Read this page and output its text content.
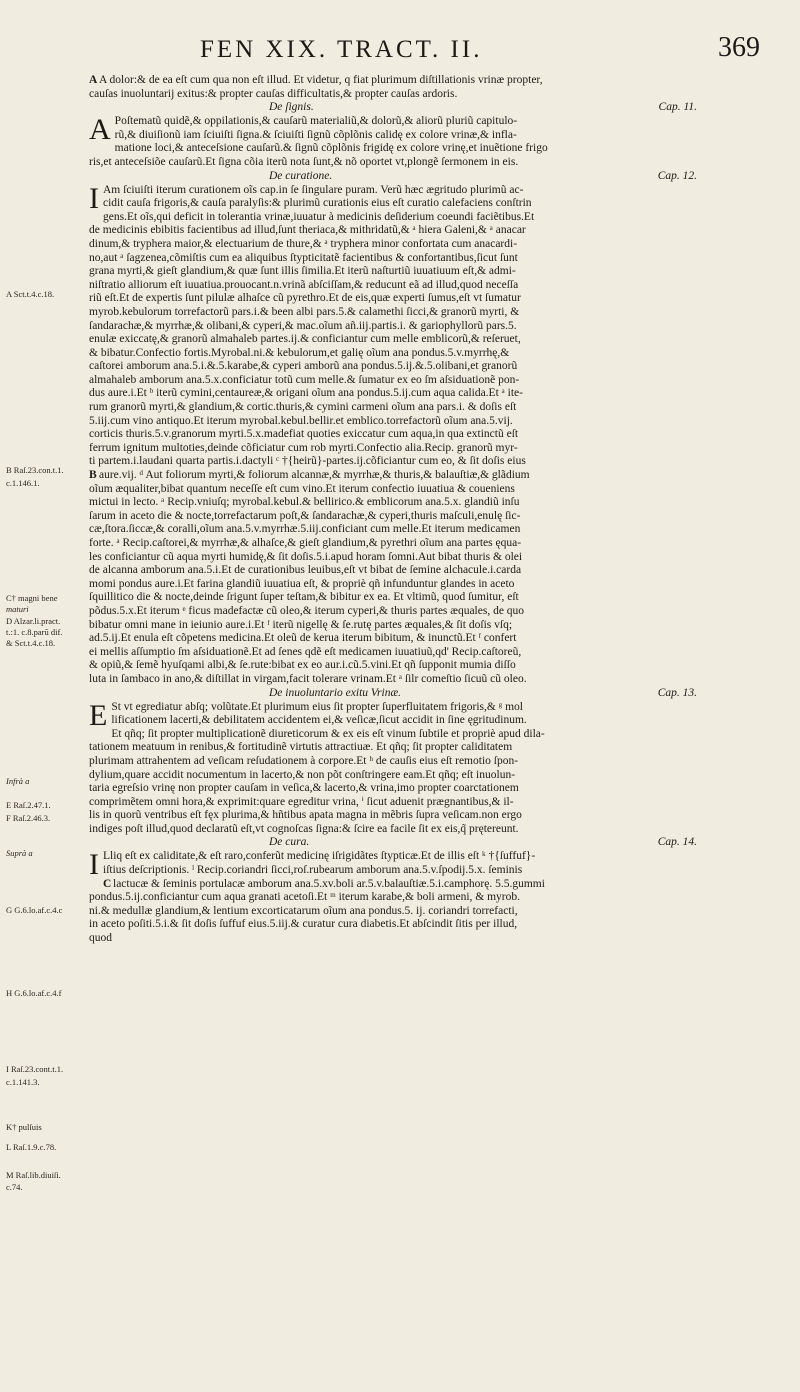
FEN XIX. TRACT. II.	369
A Sct.t.4.c.18.
B Raſ.23.con.t.1.
c.1.146.1.
C† magni bene
maturi
D Alzar.li.pract.
t.:1. c.8.parũ dif.
& Sct.t.4.c.18.
Infrà a
E Raſ.2.47.1.
F Raſ.2.46.3.
Suprà a
G G.6.lo.af.c.4.c
H G.6.lo.af.c.4.f
I Raſ.23.cont.t.1.
c.1.141.3.
K† pulſuis
L Raſ.1.9.c.78.
M Raſ.lib.diuiſi.
c.74.
A A dolor:& de ea eſt cum qua non eſt illud. Et videtur, q fiat plurimum diſtillationis vrinæ propter,
cauſas inuoluntarij exitus:& propter cauſas difficultatis,& propter cauſas ardoris.
De ſignis.	Cap. 11.
A Poſtematũ quidẽ,& oppilationis,& cauſarũ materialiũ,& dolorũ,& aliorũ pluriũ capitulo-
rũ,& diuiſionũ iam ſciuiſti ſigna.& ſciuiſti ſignũ cõplõnis calidę ex colore vrinæ,& infla-
matione loci,& anteceſsione cauſarũ.& ſignũ cõplõnis frigidę ex colore vrinę,et inuẽtione frigo
ris,et anteceſsiõe cauſarũ.Et ſigna cõia iterũ nota ſunt,& nõ oportet vt,plongẽ ſermonem in eis.
De curatione.	Cap. 12.
I Am ſciuiſti iterum curationem oĩs cap.in ſe ſingulare puram. Verũ hæc ægritudo plurimũ ac-
cidit cauſa frigoris,& cauſa paralyſis:& plurimũ curationis eius eſt curatio calefaciens conſtrin
gens.Et oĩs,qui deficit in tolerantia vrinæ,iuuatur à medicinis deſiderium coeundi faciẽtibus.Et
de medicinis ebibitis facientibus ad illud,ſunt theriaca,& mithridatũ,& ᵃ hiera Galeni,& ᵃ anacar
dinum,& tryphera maior,& electuarium de thure,& ᵃ tryphera minor confortata cum anacardi-
no,aut ᵃ ſagzenea,cõmiſtis cum ea aliquibus ſtypticitatẽ facientibus & confortantibus,ſicut ſunt
grana myrti,& gieſt glandium,& quæ ſunt illis ſimilia.Et iterũ naſturtiũ iuuatiuum eſt,& admi-
niſtratio alliorum eſt iuuatiua.prouocant.n.vrinã abſciſſam,& reducunt eã ad illud,quod neceſſa
riũ eſt.Et de expertis ſunt pilulæ alhaſce cũ pyrethro.Et de eis,quæ experti ſumus,eſt vt ſumatur
myrob.kebulorum torrefactorũ pars.i.& been albi pars.5.& calamethi ſicci,& granorũ myrti, &
ſandarachæ,& myrrhæ,& olibani,& cyperi,& mac.oĩum añ.iij.partis.i. & gariophyllorũ pars.5.
enulæ exiccatę,& granorũ almahaleb partes.ij.& conficiantur cum melle emblicorũ,& reſeruet,
& bibatur.Confectio fortis.Myrobal.ni.& kebulorum,et galię oĩum ana pondus.5.v.myrrhę,&
caſtorei amborum ana.5.i.&.5.karabe,& cyperi amborũ ana pondus.5.ij.&.5.olibani,et granorũ
almahaleb amborum ana.5.x.conficiatur totũ cum melle.& ſumatur ex eo ſm aſsiduationẽ pon-
dus aure.i.Et ᵇ iterũ cymini,centaureæ,& origani oĩum ana pondus.5.ij.cum aqua calida.Et ᵃ ite-
rum granorũ myrti,& glandium,& cortic.thuris,& cymini carmeni oĩum ana pars.i. & doſis eſt
5.iij.cum vino antiquo.Et iterum myrobal.kebul.bellir.et emblico.torrefactorũ oĩum ana.5.vij.
corticis thuris.5.v.granorum myrti.5.x.madefiat quoties exiccatur cum aqua,in qua extinctũ eſt
ferrum ignitum multoties,deinde cõficiatur cum rob myrti.Confectio alia.Recip. granorũ myr-
ti partem.i.laudani quarta partis.i.dactyli ᶜ †{heirũ}-partes.ij.cõficiantur cum eo, & ſit doſis eius
B aure.vij. ᵈ Aut foliorum myrti,& foliorum alcannæ,& myrrhæ,& thuris,& balauſtiæ,& glãdium
oĩum æqualiter,bibat quantum neceſſe eſt cum vino.Et iterum confectio iuuatiua & coueniens
mictui in lecto. ᵃ Recip.vniuſq; myrobal.kebul.& bellirico.& emblicorum ana.5.x. glandiũ inſu
ſarum in aceto die & nocte,torrefactarum poſt,& ſandarachæ,& cyperi,thuris maſculi,enulę ſic-
cæ,ſtora.ſiccæ,& coralli,oĩum ana.5.v.myrrhæ.5.iij.conficiant cum melle.Et iterum medicamen
forte. ᵃ Recip.caſtorei,& myrrhæ,& alhaſce,& gieſt glandium,& pyrethri oĩum ana partes ęqua-
les conficiantur cũ aqua myrti humidę,& ſit doſis.5.i.apud horam ſomni.Aut bibat thuris & olei
de alcanna amborum ana.5.i.Et de curationibus leuibus,eſt vt bibat de ſemine alchacule.i.carda
momi pondus aure.i.Et farina glandiũ iuuatiua eſt, & propriè qñ infunduntur glandes in aceto
ſquillitico die & nocte,deinde ſrigunt ſuper teſtam,& bibitur ex ea. Et vltimũ, quod ſumitur, eſt
põdus.5.x.Et iterum ᵉ ficus madefactæ cũ oleo,& iterum cyperi,& thuris partes æquales, de quo
bibatur omni mane in ieiunio aure.i.Et ᶠ iterũ nigellę & ſe.rutę partes æquales,& ſit doſis vſq;
ad.5.ij.Et enula eſt cõpetens medicina.Et oleũ de kerua iterum bibitum, & inunctũ.Et ᶠ confert
ei mellis aſſumptio ſm aſsiduationẽ.Et ad ſenes qdẽ eſt medicamen iuuatiuũ,qd' Recip.caſtoreũ,
& opiũ,& ſemẽ hyuſqami albi,& ſe.rute:bibat ex eo aur.i.cũ.5.vini.Et qñ ſupponit mumia diſſo
luta in ſambaco in ano,& diſtillat in virgam,facit tolerare vrinam.Et ᵃ ſilr comeſtio ſicuũ cũ oleo.
De inuoluntario exitu Vrinæ.	Cap. 13.
E St vt egrediatur abſq; volũtate.Et plurimum eius ſit propter ſuperfluitatem frigoris,& ᵍ mol
lificationem lacerti,& debilitatem accidentem ei,& veſicæ,ſicut accidit in ſine ęgritudinum.
Et qñq; ſit propter multiplicationẽ diureticorum & ex eis eſt vinum ſubtile et propriè apud dila-
tationem meatuum in renibus,& fortitudinẽ virtutis attractiuæ. Et qñq; ſit propter caliditatem
plurimam attrahentem ad veſicam reſudationem à corpore.Et ʰ de cauſis eius eſt remotio ſpon-
dylium,quare accidit nocumentum in lacerto,& non põt conſtringere eam.Et qñq; eſt inuolun-
taria egreſsio vrinę non propter cauſam in veſica,& lacerto,& vrina,imo propter coarctationem
comprimẽtem omni hora,& exprimit:quare egreditur vrina, ⁱ ſicut aduenit prægnantibus,& il-
lis in quorũ ventribus eſt fęx plurima,& hñtibus apata magna in mẽbris ſupra veſicam.non ergo
indiges poſt illud,quod declaratũ eſt,vt cognoſcas ſigna:& ſcire ea facile ſit ex eis,q̃ prętereunt.
De cura.	Cap. 14.
I Lliq eſt ex caliditate,& eſt raro,conferũt medicinę iſrigidãtes ſtypticæ.Et de illis eſt ᵏ †{ſuffuf}-
iſtius deſcriptionis. ˡ Recip.coriandri ſicci,roſ.rubearum amborum ana.5.v.ſpodij.5.x. ſeminis
C lactucæ & ſeminis portulacæ amborum ana.5.xv.boli ar.5.v.balauſtiæ.5.i.camphorę. 5.5.gummi
pondus.5.ij.conficiantur cum aqua granati acetoſi.Et ᵐ iterum karabe,& boli armeni, & myrob.
ni.& medullæ glandium,& lentium excorticatarum oĩum ana pondus.5. ij. coriandri torrefacti,
in aceto poſiti.5.i.& ſit doſis ſuffuf eius.5.iij.& curatur cura diabetis.Et abſcindit ſitis per illud,
quod
